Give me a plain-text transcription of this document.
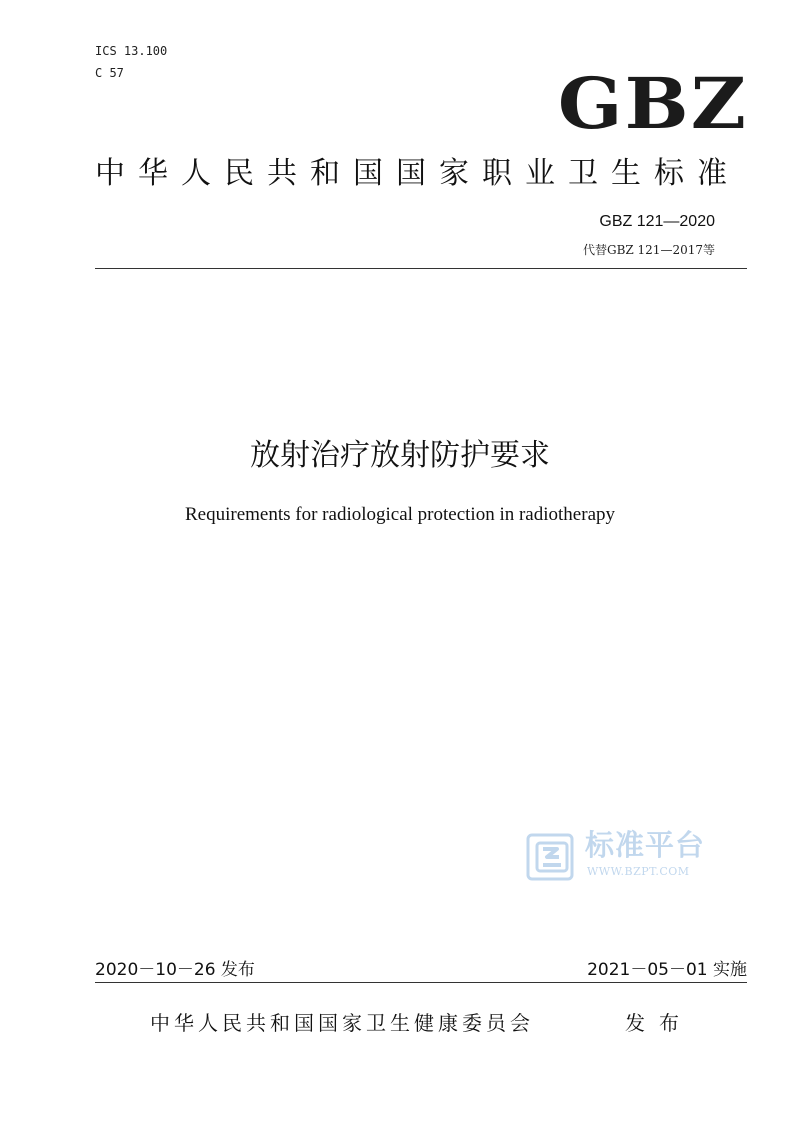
ICS 13.100
C 57	GBZ
中华人民共和国国家职业卫生标准
GBZ 121—2020
代替GBZ 121—2017等
放射治疗放射防护要求
Requirements for radiological protection in radiotherapy
标准平台
WWW.BZPT.COM
2020－10－26 发布	2021－05－01 实施
中华人民共和国国家卫生健康委员会	发布
